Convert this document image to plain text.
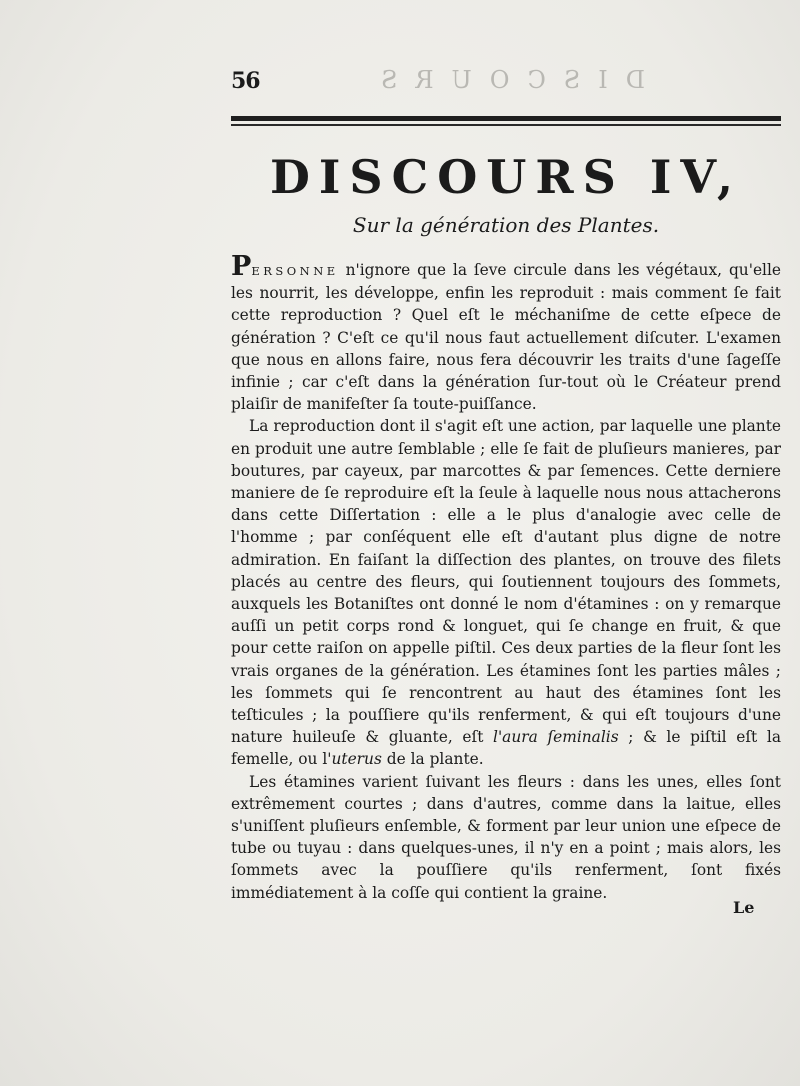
DISCOURS
56
DISCOURS IV,
Sur la génération des Plantes.

PERSONNE n'ignore que la ſeve circule dans les végétaux, qu'elle les nourrit, les développe, enfin les reproduit : mais comment ſe fait cette reproduction ? Quel eſt le méchaniſme de cette eſpece de génération ? C'eſt ce qu'il nous faut actuellement diſcuter. L'examen que nous en allons faire, nous fera découvrir les traits d'une ſageſſe infinie ; car c'eſt dans la génération ſur-tout où le Créateur prend plaiſir de manifeſter ſa toute-puiſſance.

La reproduction dont il s'agit eſt une action, par laquelle une plante en produit une autre ſemblable ; elle ſe fait de pluſieurs manieres, par boutures, par cayeux, par marcottes & par ſemences. Cette derniere maniere de ſe reproduire eſt la ſeule à laquelle nous nous attacherons dans cette Diſſertation : elle a le plus d'analogie avec celle de l'homme ; par conſéquent elle eſt d'autant plus digne de notre admiration. En faiſant la diſſection des plantes, on trouve des filets placés au centre des fleurs, qui ſoutiennent toujours des ſommets, auxquels les Botaniſtes ont donné le nom d'étamines : on y remarque auſſi un petit corps rond & longuet, qui ſe change en fruit, & que pour cette raiſon on appelle piſtil. Ces deux parties de la fleur ſont les vrais organes de la génération. Les étamines ſont les parties mâles ; les ſommets qui ſe rencontrent au haut des étamines ſont les teſticules ; la pouſſiere qu'ils renferment, & qui eſt toujours d'une nature huileuſe & gluante, eſt l'aura ſeminalis ; & le piſtil eſt la femelle, ou l'uterus de la plante.

Les étamines varient ſuivant les fleurs : dans les unes, elles ſont extrêmement courtes ; dans d'autres, comme dans la laitue, elles s'uniſſent pluſieurs enſemble, & forment par leur union une eſpece de tube ou tuyau : dans quelques-unes, il n'y en a point ; mais alors, les ſommets avec la pouſſiere qu'ils renferment, ſont fixés immédiatement à la coſſe qui contient la graine.

Le
